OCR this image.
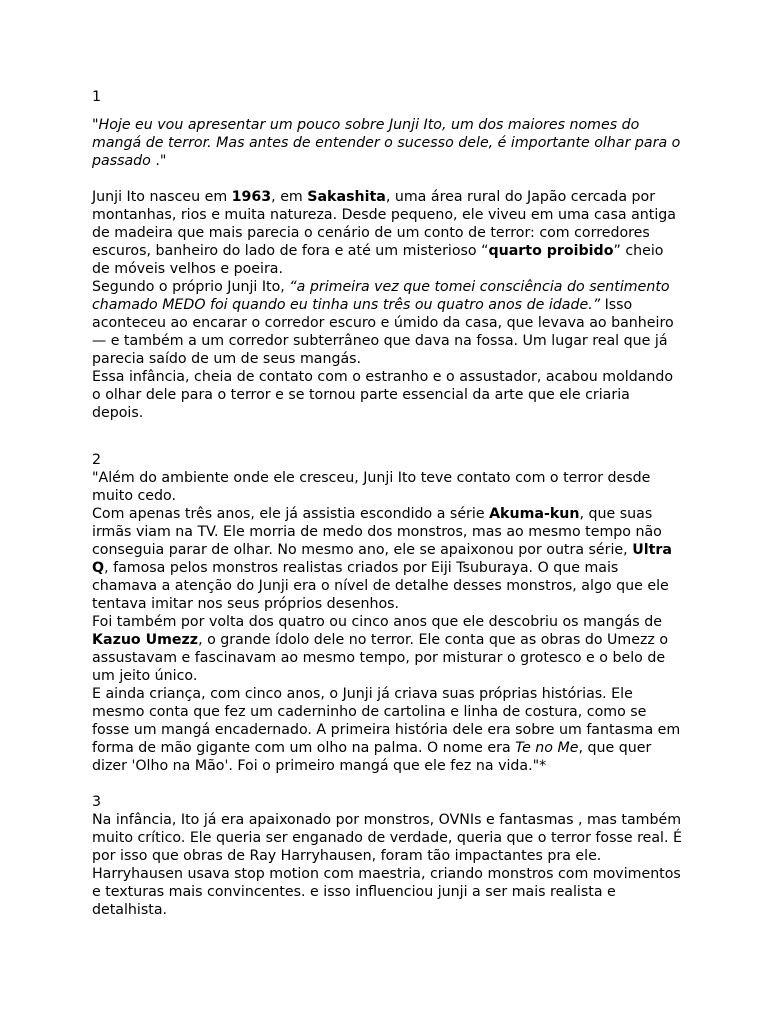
1

"Hoje eu vou apresentar um pouco sobre Junji Ito, um dos maiores nomes do mangá de terror. Mas antes de entender o sucesso dele, é importante olhar para o passado ."

Junji Ito nasceu em 1963, em Sakashita, uma área rural do Japão cercada por montanhas, rios e muita natureza. Desde pequeno, ele viveu em uma casa antiga de madeira que mais parecia o cenário de um conto de terror: com corredores escuros, banheiro do lado de fora e até um misterioso “quarto proibido” cheio de móveis velhos e poeira.

Segundo o próprio Junji Ito, “a primeira vez que tomei consciência do sentimento chamado MEDO foi quando eu tinha uns três ou quatro anos de idade.” Isso aconteceu ao encarar o corredor escuro e úmido da casa, que levava ao banheiro — e também a um corredor subterrâneo que dava na fossa. Um lugar real que já parecia saído de um de seus mangás.

Essa infância, cheia de contato com o estranho e o assustador, acabou moldando o olhar dele para o terror e se tornou parte essencial da arte que ele criaria depois.

2

"Além do ambiente onde ele cresceu, Junji Ito teve contato com o terror desde muito cedo.

Com apenas três anos, ele já assistia escondido a série Akuma-kun, que suas irmãs viam na TV. Ele morria de medo dos monstros, mas ao mesmo tempo não conseguia parar de olhar. No mesmo ano, ele se apaixonou por outra série, Ultra Q, famosa pelos monstros realistas criados por Eiji Tsuburaya. O que mais chamava a atenção do Junji era o nível de detalhe desses monstros, algo que ele tentava imitar nos seus próprios desenhos.

Foi também por volta dos quatro ou cinco anos que ele descobriu os mangás de Kazuo Umezz, o grande ídolo dele no terror. Ele conta que as obras do Umezz o assustavam e fascinavam ao mesmo tempo, por misturar o grotesco e o belo de um jeito único.

E ainda criança, com cinco anos, o Junji já criava suas próprias histórias. Ele mesmo conta que fez um caderninho de cartolina e linha de costura, como se fosse um mangá encadernado. A primeira história dele era sobre um fantasma em forma de mão gigante com um olho na palma. O nome era Te no Me, que quer dizer 'Olho na Mão'. Foi o primeiro mangá que ele fez na vida."*

3

Na infância, Ito já era apaixonado por monstros, OVNIs e fantasmas , mas também muito crítico. Ele queria ser enganado de verdade, queria que o terror fosse real. É por isso que obras de Ray Harryhausen, foram tão impactantes pra ele. Harryhausen usava stop motion com maestria, criando monstros com movimentos e texturas mais convincentes. e isso influenciou junji a ser mais realista e detalhista.
